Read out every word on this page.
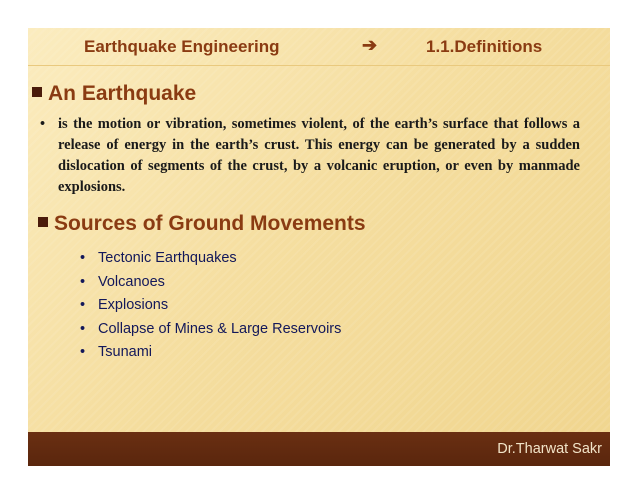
Earthquake Engineering	➔	1.1.Definitions
An Earthquake
• is the motion or vibration, sometimes violent, of the earth’s surface that follows a release of energy in the earth’s crust. This energy can be generated by a sudden dislocation of segments of the crust, by a volcanic eruption, or even by manmade explosions.
Sources of Ground Movements
• Tectonic Earthquakes
• Volcanoes
• Explosions
• Collapse of Mines & Large Reservoirs
• Tsunami
Dr.Tharwat Sakr
